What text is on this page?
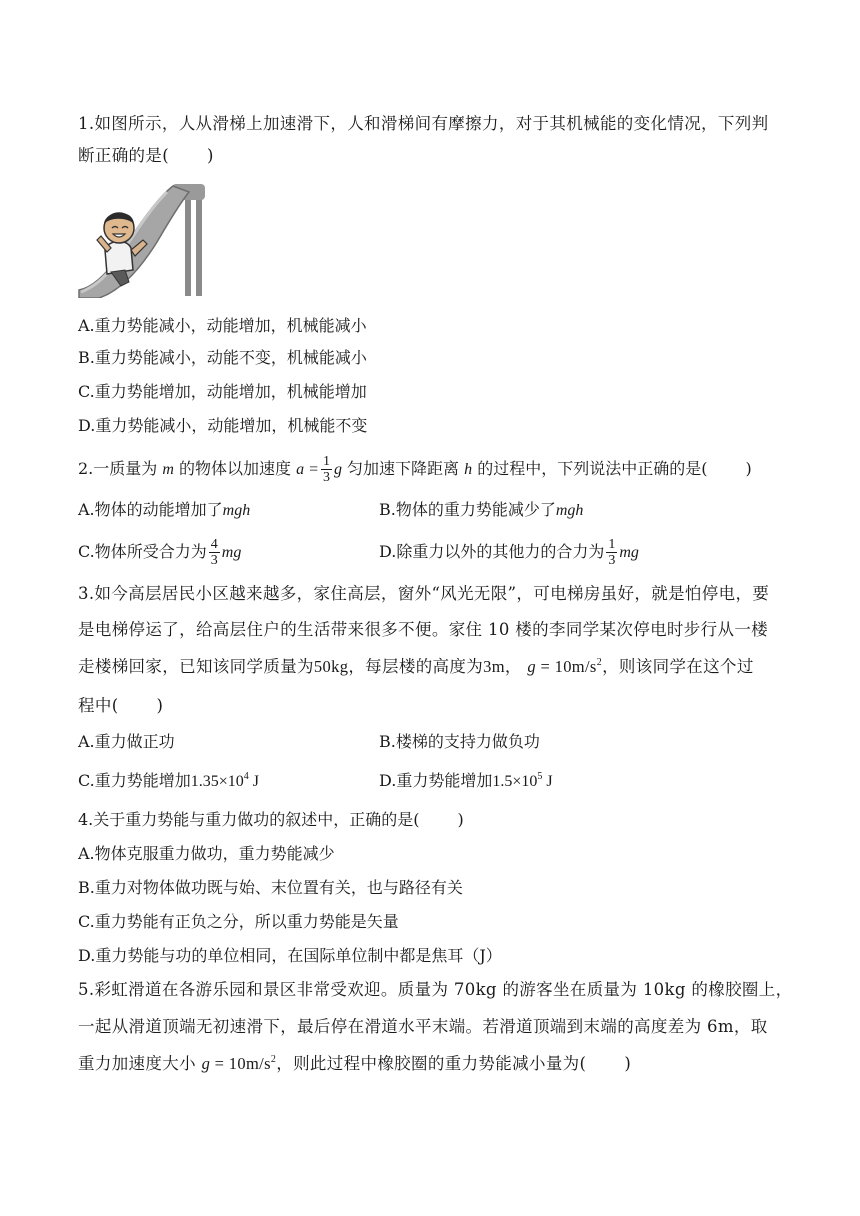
1.如图所示，人从滑梯上加速滑下，人和滑梯间有摩擦力，对于其机械能的变化情况，下列判
断正确的是( )
A.重力势能减小，动能增加，机械能减小
B.重力势能减小，动能不变，机械能减小
C.重力势能增加，动能增加，机械能增加
D.重力势能减小，动能增加，机械能不变
2.一质量为 m 的物体以加速度 $a = \frac{1}{3}$ g 匀加速下降距离 h 的过程中，下列说法中正确的是( )
A.物体的动能增加了mgh	B.物体的重力势能减少了mgh
C.物体所受合力为 $\frac{4}{3}$ mg	D.除重力以外的其他力的合力为 $\frac{1}{3}$ mg
3.如今高层居民小区越来越多，家住高层，窗外“风光无限”，可电梯房虽好，就是怕停电，要
是电梯停运了，给高层住户的生活带来很多不便。家住 10 楼的李同学某次停电时步行从一楼
走楼梯回家，已知该同学质量为50kg，每层楼的高度为3m， $g = 10m/s^2$，则该同学在这个过
程中( )
A.重力做正功	B.楼梯的支持力做负功
C.重力势能增加$1.35\times 10^4$ J	D.重力势能增加$1.5\times 10^5$ J
4.关于重力势能与重力做功的叙述中，正确的是( )
A.物体克服重力做功，重力势能减少
B.重力对物体做功既与始、末位置有关，也与路径有关
C.重力势能有正负之分，所以重力势能是矢量
D.重力势能与功的单位相同，在国际单位制中都是焦耳（J）
5.彩虹滑道在各游乐园和景区非常受欢迎。质量为 70kg 的游客坐在质量为 10kg 的橡胶圈上，
一起从滑道顶端无初速滑下，最后停在滑道水平末端。若滑道顶端到末端的高度差为 6m，取
重力加速度大小 $g = 10m/s^2$，则此过程中橡胶圈的重力势能减小量为( )
